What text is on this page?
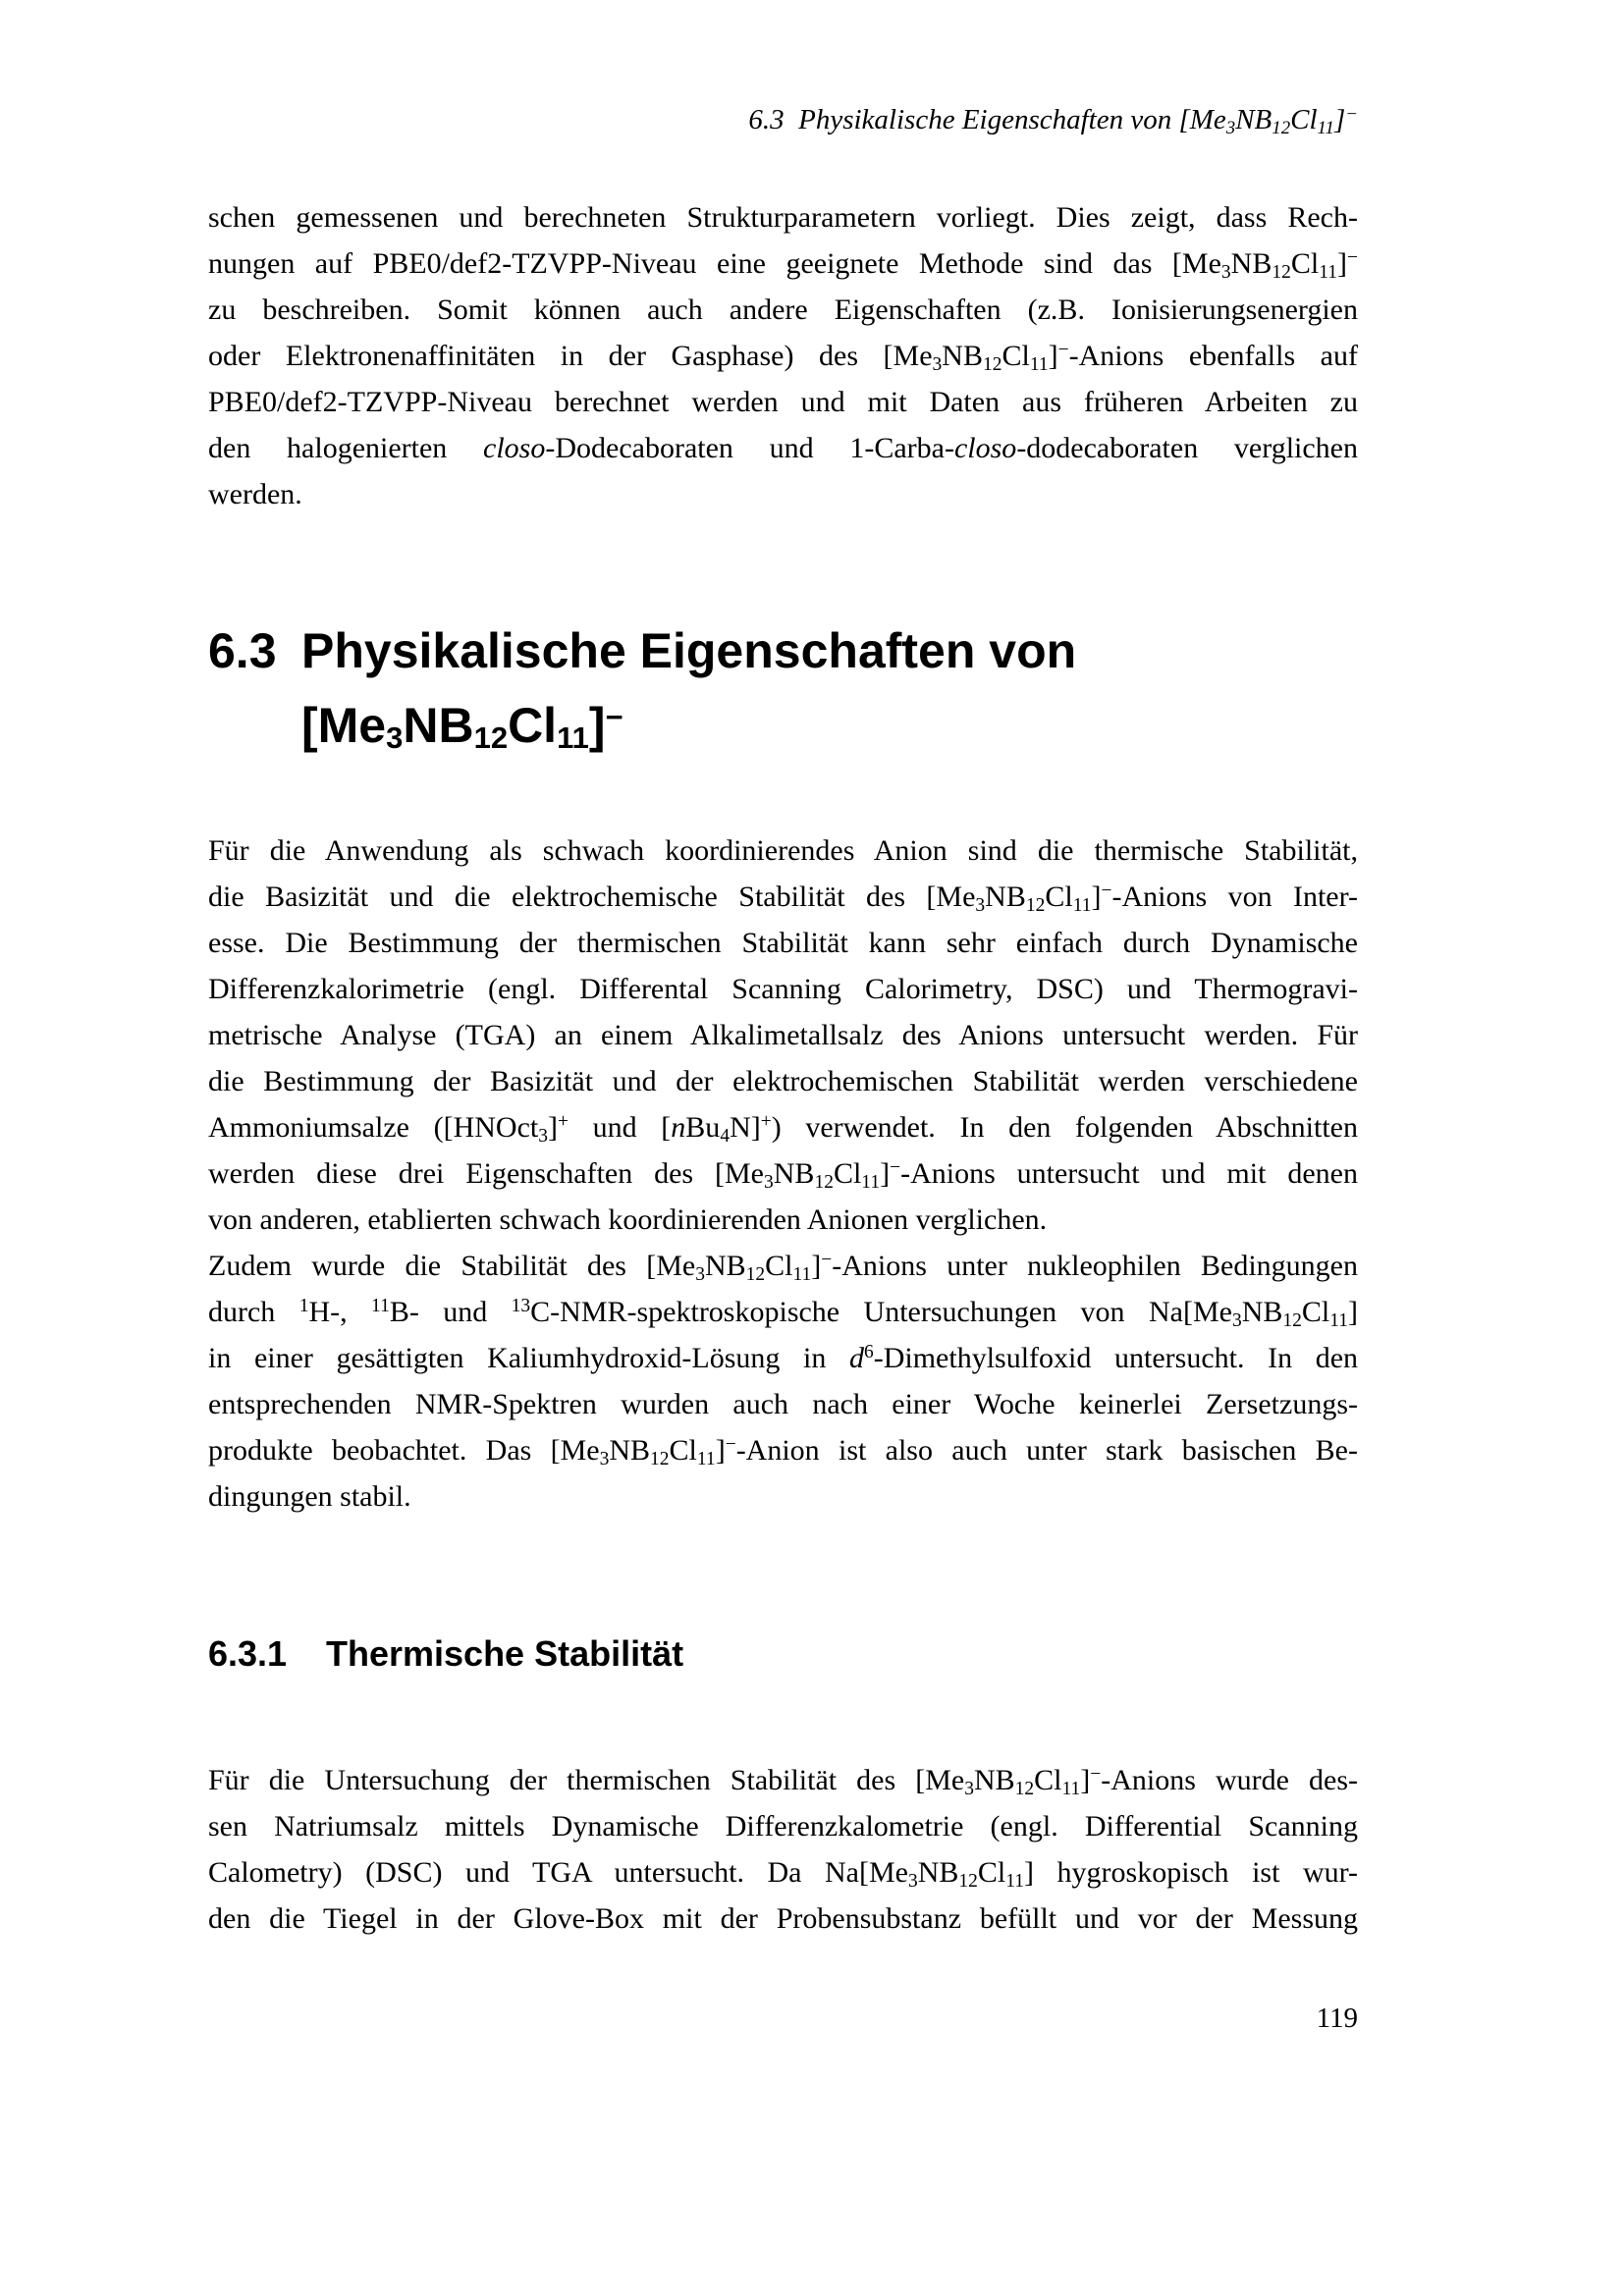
6.3 Physikalische Eigenschaften von $[Me_3NB_{12}Cl_{11}]^-$
schen gemessenen und berechneten Strukturparametern vorliegt. Dies zeigt, dass Rech-
nungen auf PBE0/def2-TZVPP-Niveau eine geeignete Methode sind das $[Me_3NB_{12}Cl_{11}]^-$
zu beschreiben. Somit können auch andere Eigenschaften (z.B. Ionisierungsenergien
oder Elektronenaffinitäten in der Gasphase) des $[Me_3NB_{12}Cl_{11}]^-$-Anions ebenfalls auf
PBE0/def2-TZVPP-Niveau berechnet werden und mit Daten aus früheren Arbeiten zu
den halogenierten closo-Dodecaboraten und 1-Carba-closo-dodecaboraten verglichen
werden.
6.3 Physikalische Eigenschaften von
$[Me_3NB_{12}Cl_{11}]^-$
Für die Anwendung als schwach koordinierendes Anion sind die thermische Stabilität,
die Basizität und die elektrochemische Stabilität des $[Me_3NB_{12}Cl_{11}]^-$-Anions von Inter-
esse. Die Bestimmung der thermischen Stabilität kann sehr einfach durch Dynamische
Differenzkalorimetrie (engl. Differental Scanning Calorimetry, DSC) und Thermogravi-
metrische Analyse (TGA) an einem Alkalimetallsalz des Anions untersucht werden. Für
die Bestimmung der Basizität und der elektrochemischen Stabilität werden verschiedene
Ammoniumsalze ([HNOct$_3$]+ und [nBu$_4$N]+) verwendet. In den folgenden Abschnitten
werden diese drei Eigenschaften des $[Me_3NB_{12}Cl_{11}]^-$-Anions untersucht und mit denen
von anderen, etablierten schwach koordinierenden Anionen verglichen.
Zudem wurde die Stabilität des $[Me_3NB_{12}Cl_{11}]^-$-Anions unter nukleophilen Bedingungen
durch $^1$H-, $^{11}$B- und $^{13}$C-NMR-spektroskopische Untersuchungen von $Na[Me_3NB_{12}Cl_{11}]$
in einer gesättigten Kaliumhydroxid-Lösung in $d^6$-Dimethylsulfoxid untersucht. In den
entsprechenden NMR-Spektren wurden auch nach einer Woche keinerlei Zersetzungs-
produkte beobachtet. Das $[Me_3NB_{12}Cl_{11}]^-$-Anion ist also auch unter stark basischen Be-
dingungen stabil.
6.3.1 Thermische Stabilität
Für die Untersuchung der thermischen Stabilität des $[Me_3NB_{12}Cl_{11}]^-$-Anions wurde des-
sen Natriumsalz mittels Dynamische Differenzkalometrie (engl. Differential Scanning
Calometry) (DSC) und TGA untersucht. Da $Na[Me_3NB_{12}Cl_{11}]$ hygroskopisch ist wur-
den die Tiegel in der Glove-Box mit der Probensubstanz befüllt und vor der Messung
119
